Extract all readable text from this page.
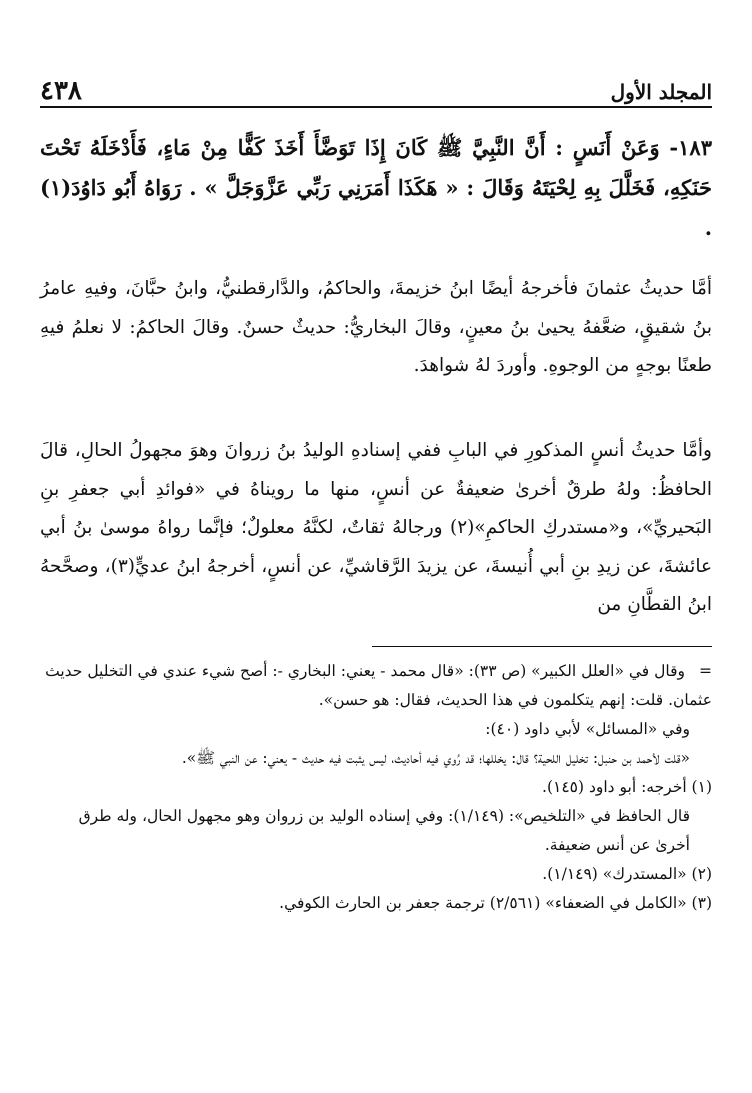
المجلد الأول
٤٣٨
١٨٣- وَعَنْ أَنَسٍ : أَنَّ النَّبِيَّ ﷺ كَانَ إِذَا تَوَضَّأَ أَخَذَ كَفًّا مِنْ مَاءٍ، فَأَدْخَلَهُ تَحْتَ حَنَكِهِ، فَخَلَّلَ بِهِ لِحْيَتَهُ وَقَالَ : « هَكَذَا أَمَرَنِي رَبِّي عَزَّوَجَلَّ » . رَوَاهُ أَبُو دَاوُدَ(١) .
أمَّا حديثُ عثمانَ فأخرجهُ أيضًا ابنُ خزيمةَ، والحاكمُ، والدَّارقطنيُّ، وابنُ حبَّانَ، وفيهِ عامرُ بنُ شقيقٍ، ضعَّفهُ يحيىٰ بنُ معينٍ، وقالَ البخاريُّ: حديثٌ حسنٌ. وقالَ الحاكمُ: لا نعلمُ فيهِ طعنًا بوجهٍ من الوجوهِ. وأوردَ لهُ شواهدَ.
وأمَّا حديثُ أنسٍ المذكورِ في البابِ ففي إسنادهِ الوليدُ بنُ زروانَ وهوَ مجهولُ الحالِ، قالَ الحافظُ: ولهُ طرقٌ أخرىٰ ضعيفةٌ عن أنسٍ، منها ما رويناهُ في «فوائدِ أبي جعفرِ بنِ البَحيريِّ»، و«مستدركِ الحاكمِ»(٢) ورجالهُ ثقاتٌ، لكنَّهُ معلولٌ؛ فإنَّما رواهُ موسىٰ بنُ أبي عائشةَ، عن زيدِ بنِ أبي أُنيسةَ، عن يزيدَ الرَّقاشيِّ، عن أنسٍ، أخرجهُ ابنُ عديٍّ(٣)، وصحَّحهُ ابنُ القطَّانِ من

=وقال في «العلل الكبير» (ص ٣٣): «قال محمد - يعني: البخاري -: أصح شيء عندي في التخليل حديث عثمان. قلت: إنهم يتكلمون في هذا الحديث، فقال: هو حسن».

وفي «المسائل» لأبي داود (٤٠):

«قلت لأحمد بن حنبل: تخليل اللحية؟ قال: يخللها؛ قد رُوي فيه أحاديث، ليس يثبت فيه حديث - يعني: عن النبي ﷺ».

(١) أخرجه: أبو داود (١٤٥).

قال الحافظ في «التلخيص»: (١/١٤٩): وفي إسناده الوليد بن زروان وهو مجهول الحال، وله طرق أخرىٰ عن أنس ضعيفة.

(٢) «المستدرك» (١/١٤٩).

(٣) «الكامل في الضعفاء» (٢/٥٦١) ترجمة جعفر بن الحارث الكوفي.
